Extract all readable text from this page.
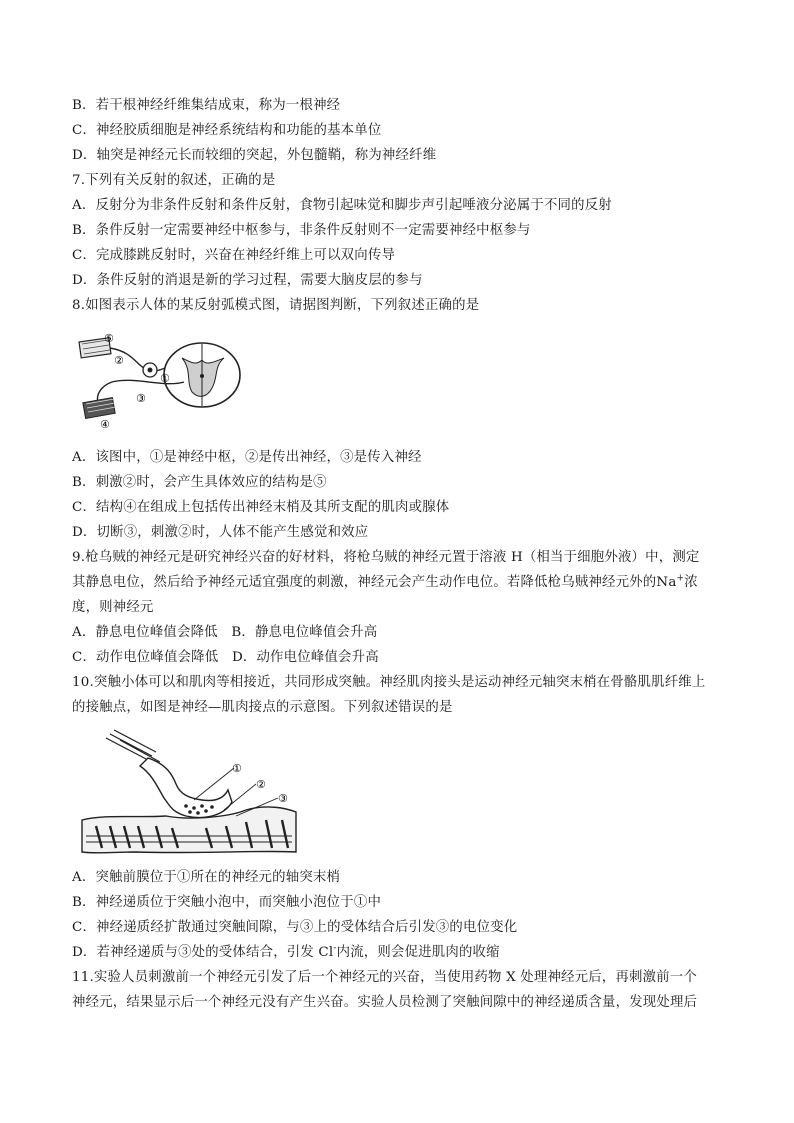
B．若干根神经纤维集结成束，称为一根神经
C．神经胶质细胞是神经系统结构和功能的基本单位
D．轴突是神经元长而较细的突起，外包髓鞘，称为神经纤维
7.下列有关反射的叙述，正确的是
A．反射分为非条件反射和条件反射，食物引起味觉和脚步声引起唾液分泌属于不同的反射
B．条件反射一定需要神经中枢参与，非条件反射则不一定需要神经中枢参与
C．完成膝跳反射时，兴奋在神经纤维上可以双向传导
D．条件反射的消退是新的学习过程，需要大脑皮层的参与
8.如图表示人体的某反射弧模式图，请据图判断，下列叙述正确的是
⑤
②
①
③
④
A．该图中，①是神经中枢，②是传出神经，③是传入神经
B．刺激②时，会产生具体效应的结构是⑤
C．结构④在组成上包括传出神经末梢及其所支配的肌肉或腺体
D．切断③，刺激②时，人体不能产生感觉和效应
9.枪乌贼的神经元是研究神经兴奋的好材料，将枪乌贼的神经元置于溶液 H（相当于细胞外液）中，测定
其静息电位，然后给予神经元适宜强度的刺激，神经元会产生动作电位。若降低枪乌贼神经元外的Na+浓
度，则神经元
A．静息电位峰值会降低　B．静息电位峰值会升高
C．动作电位峰值会降低　D．动作电位峰值会升高
10.突触小体可以和肌肉等相接近，共同形成突触。神经肌肉接头是运动神经元轴突末梢在骨骼肌肌纤维上
的接触点，如图是神经—肌肉接点的示意图。下列叙述错误的是
①
②
③
A．突触前膜位于①所在的神经元的轴突末梢
B．神经递质位于突触小泡中，而突触小泡位于①中
C．神经递质经扩散通过突触间隙，与③上的受体结合后引发③的电位变化
D．若神经递质与③处的受体结合，引发 Cl-内流，则会促进肌肉的收缩
11.实验人员刺激前一个神经元引发了后一个神经元的兴奋，当使用药物 X 处理神经元后，再刺激前一个
神经元，结果显示后一个神经元没有产生兴奋。实验人员检测了突触间隙中的神经递质含量，发现处理后
